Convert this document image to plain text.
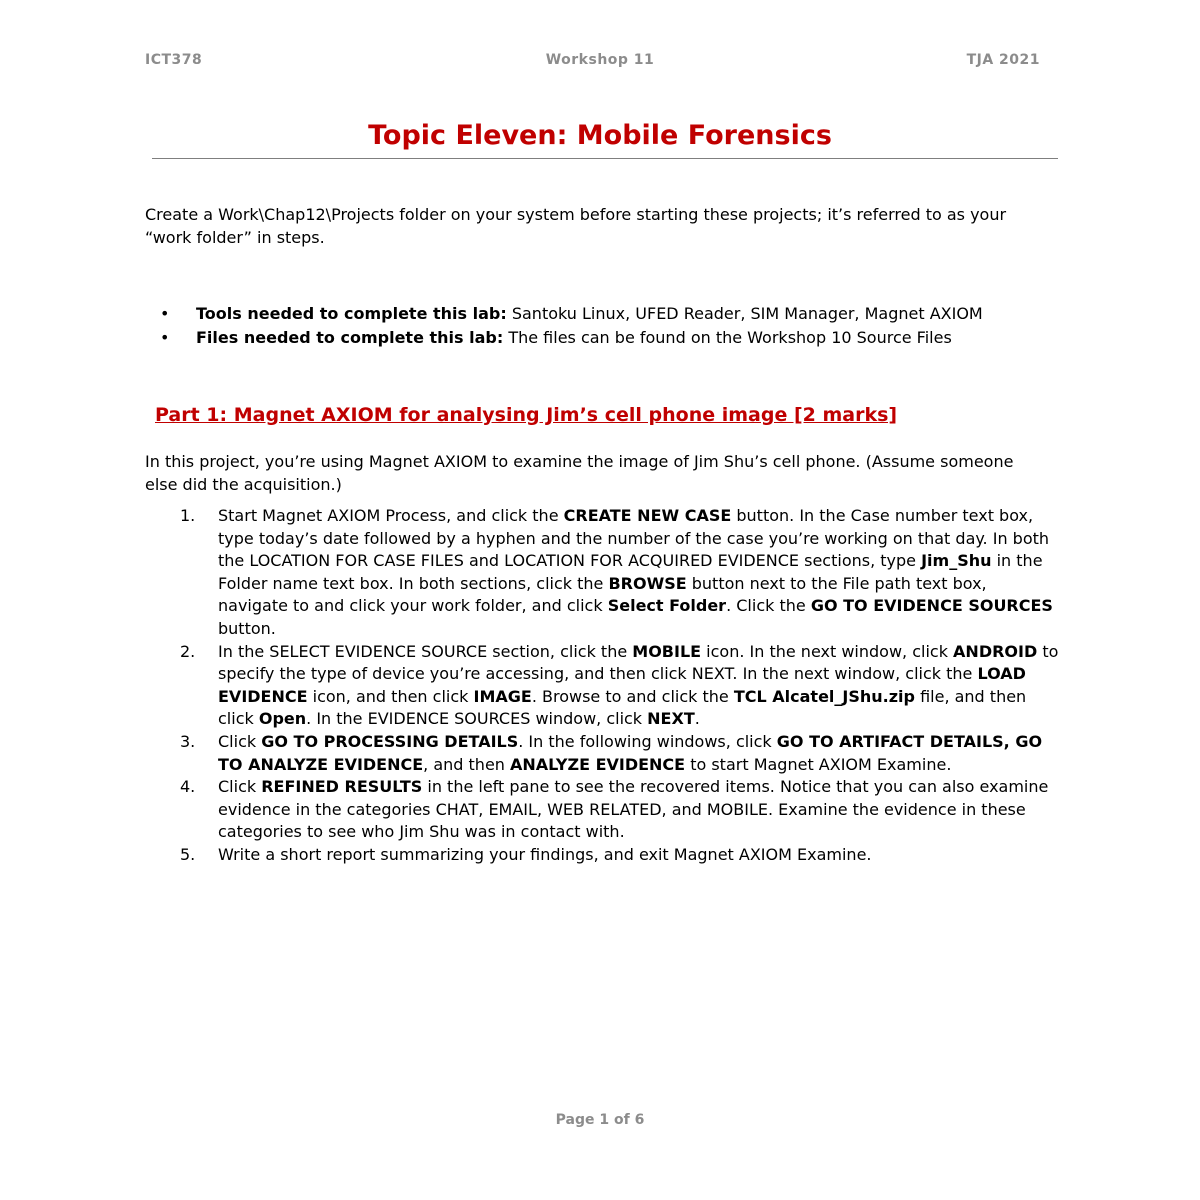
ICT378	Workshop 11	TJA 2021
Topic Eleven: Mobile Forensics
Create a Work\Chap12\Projects folder on your system before starting these projects; it’s referred to as your “work folder” in steps.
• Tools needed to complete this lab: Santoku Linux, UFED Reader, SIM Manager, Magnet AXIOM
• Files needed to complete this lab: The files can be found on the Workshop 10 Source Files
Part 1: Magnet AXIOM for analysing Jim’s cell phone image [2 marks]
In this project, you’re using Magnet AXIOM to examine the image of Jim Shu’s cell phone. (Assume someone else did the acquisition.)
1. Start Magnet AXIOM Process, and click the CREATE NEW CASE button. In the Case number text box, type today’s date followed by a hyphen and the number of the case you’re working on that day. In both the LOCATION FOR CASE FILES and LOCATION FOR ACQUIRED EVIDENCE sections, type Jim_Shu in the Folder name text box. In both sections, click the BROWSE button next to the File path text box, navigate to and click your work folder, and click Select Folder. Click the GO TO EVIDENCE SOURCES button.
2. In the SELECT EVIDENCE SOURCE section, click the MOBILE icon. In the next window, click ANDROID to specify the type of device you’re accessing, and then click NEXT. In the next window, click the LOAD EVIDENCE icon, and then click IMAGE. Browse to and click the TCL Alcatel_JShu.zip file, and then click Open. In the EVIDENCE SOURCES window, click NEXT.
3. Click GO TO PROCESSING DETAILS. In the following windows, click GO TO ARTIFACT DETAILS, GO TO ANALYZE EVIDENCE, and then ANALYZE EVIDENCE to start Magnet AXIOM Examine.
4. Click REFINED RESULTS in the left pane to see the recovered items. Notice that you can also examine evidence in the categories CHAT, EMAIL, WEB RELATED, and MOBILE. Examine the evidence in these categories to see who Jim Shu was in contact with.
5. Write a short report summarizing your findings, and exit Magnet AXIOM Examine.
Page 1 of 6
